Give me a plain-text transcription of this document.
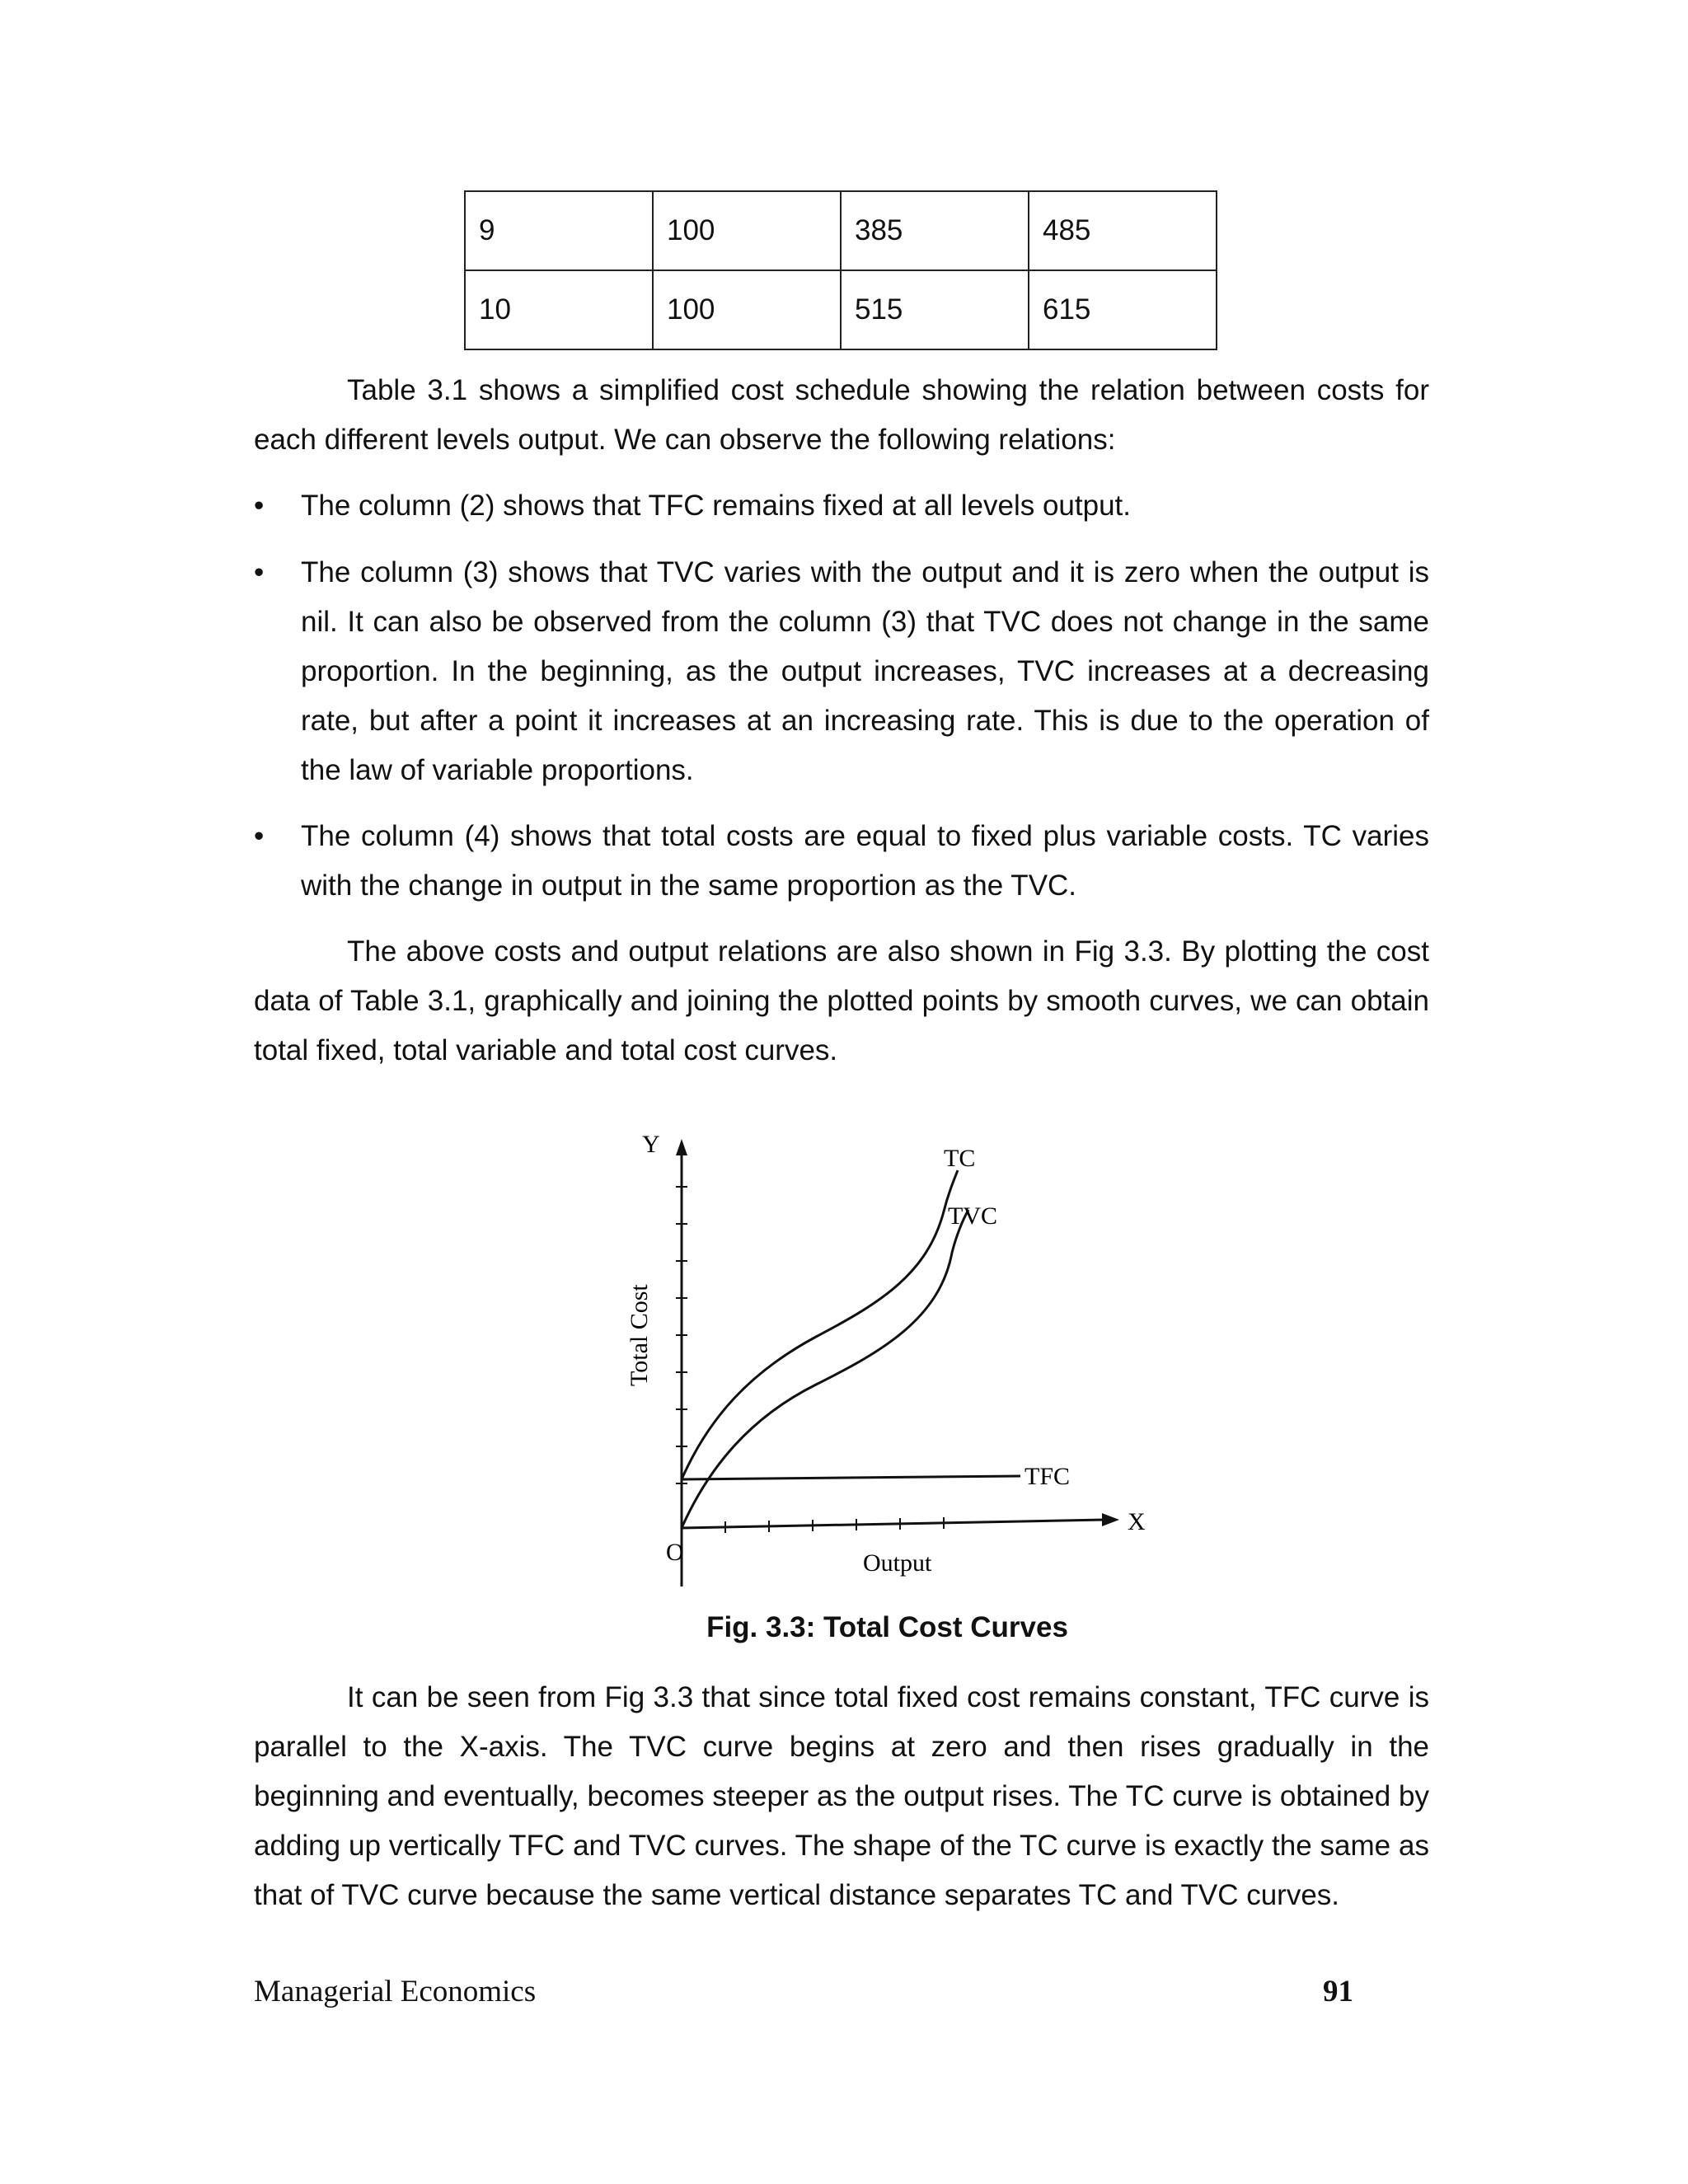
9	100	385	485
10	100	515	615

Table 3.1 shows a simplified cost schedule showing the relation between costs for each different levels output. We can observe the following relations:

•	The column (2) shows that TFC remains fixed at all levels output.

•	The column (3) shows that TVC varies with the output and it is zero when the output is nil. It can also be observed from the column (3) that TVC does not change in the same proportion. In the beginning, as the output increases, TVC increases at a decreasing rate, but after a point it increases at an increasing rate. This is due to the operation of the law of variable proportions.

•	The column (4) shows that total costs are equal to fixed plus variable costs. TC varies with the change in output in the same proportion as the TVC.

The above costs and output relations are also shown in Fig 3.3. By plotting the cost data of Table 3.1, graphically and joining the plotted points by smooth curves, we can obtain total fixed, total variable and total cost curves.

Y
X
O	Output
Total Cost
TVC
TC
TFC

Fig. 3.3: Total Cost Curves

It can be seen from Fig 3.3 that since total fixed cost remains constant, TFC curve is parallel to the X-axis. The TVC curve begins at zero and then rises gradually in the beginning and eventually, becomes steeper as the output rises. The TC curve is obtained by adding up vertically TFC and TVC curves. The shape of the TC curve is exactly the same as that of TVC curve because the same vertical distance separates TC and TVC curves.

Managerial Economics	91
